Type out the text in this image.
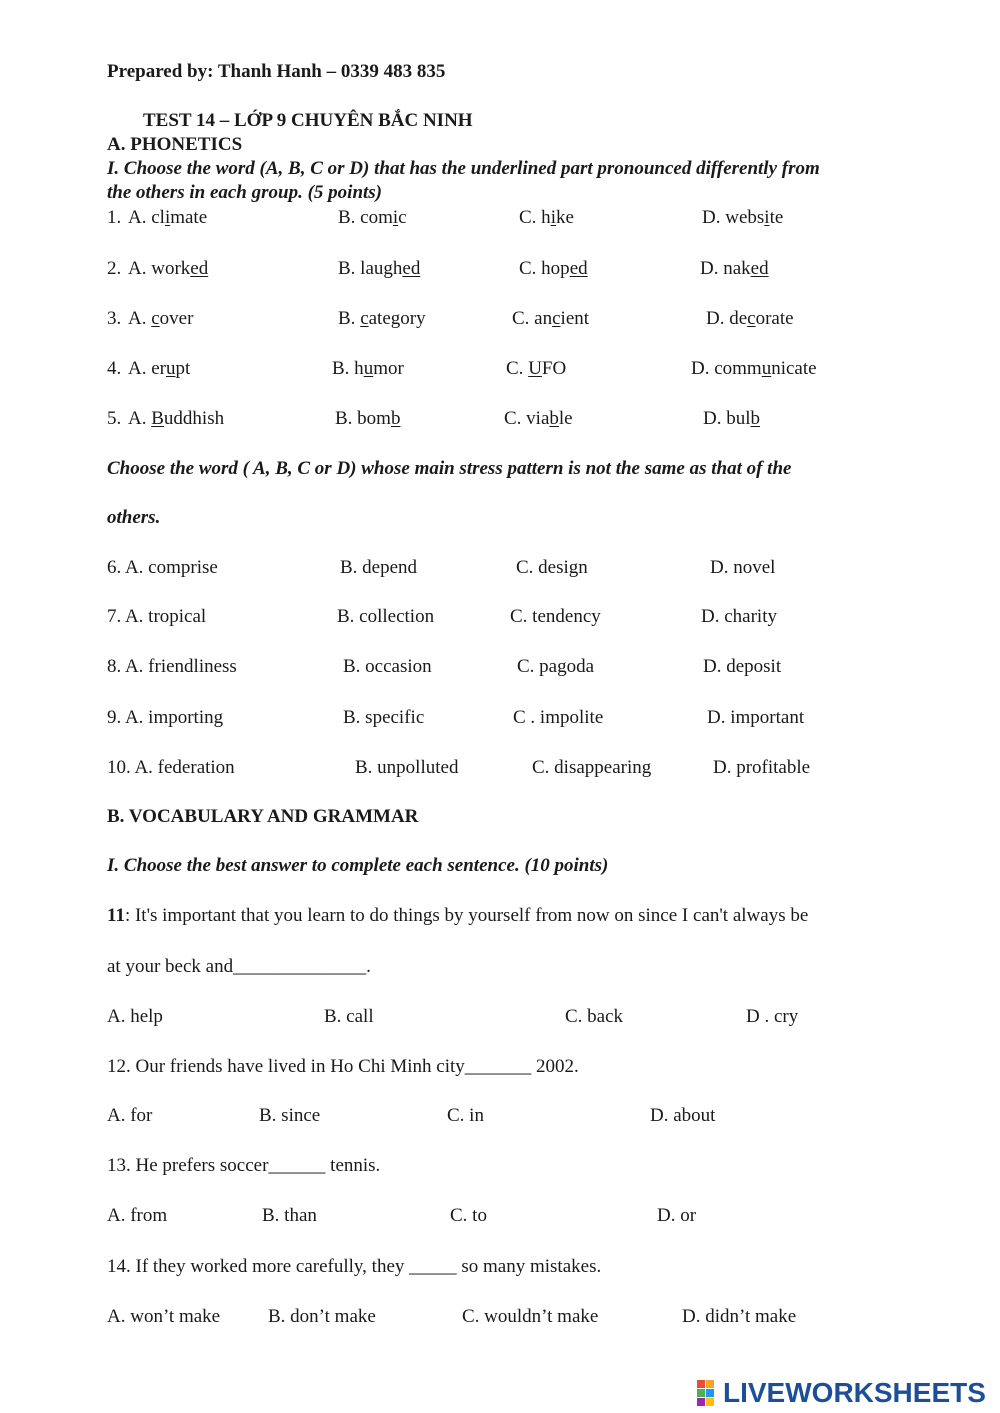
Prepared by: Thanh Hanh – 0339 483 835
TEST 14 – LỚP 9 CHUYÊN BẮC NINH
A. PHONETICS
I. Choose the word (A, B, C or D) that has the underlined part pronounced differently from
the others in each group. (5 points)
1. A. climate	B. comic	C. hike	D. website
2. A. worked	B. laughed	C. hoped	D. naked
3. A. cover	B. category	C. ancient	D. decorate
4. A. erupt	B. humor	C. UFO	D. communicate
5. A. Buddhish	B. bomb	C. viable	D. bulb
Choose the word ( A, B, C or D) whose main stress pattern is not the same as that of the
others.
6. A. comprise	B. depend	C. design	D. novel
7. A. tropical	B. collection	C. tendency	D. charity
8. A. friendliness	B. occasion	C. pagoda	D. deposit
9. A. importing	B. specific	C . impolite	D. important
10. A. federation	B. unpolluted	C. disappearing	D. profitable
B. VOCABULARY AND GRAMMAR
I. Choose the best answer to complete each sentence. (10 points)
11: It's important that you learn to do things by yourself from now on since I can't always be
at your beck and______________.
A. help	B. call	C. back	D . cry
12. Our friends have lived in Ho Chi Minh city_______ 2002.
A. for	B. since	C. in	D. about
13. He prefers soccer______ tennis.
A. from	B. than	C. to	D. or
14. If they worked more carefully, they _____ so many mistakes.
A. won’t make	B. don’t make	C. wouldn’t make	D. didn’t make
LIVEWORKSHEETS
